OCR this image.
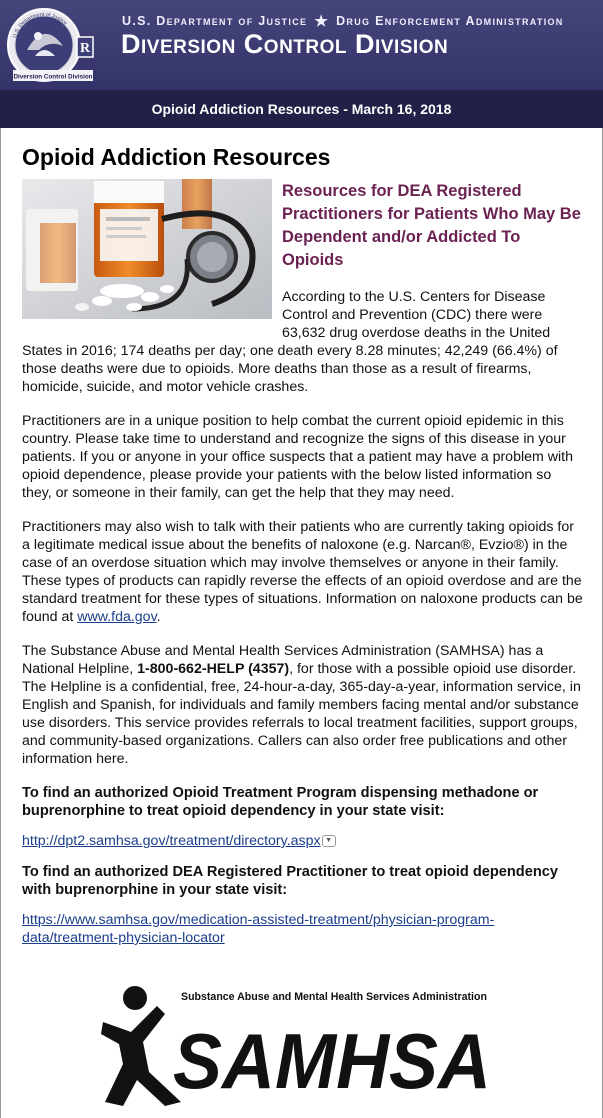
R
Diversion Control Division
U.S. Department of Justice	U.S. Department of Justice ★ Drug Enforcement Administration
Diversion Control Division
Opioid Addiction Resources - March 16, 2018
Opioid Addiction Resources
Resources for DEA Registered Practitioners for Patients Who May Be Dependent and/or Addicted To Opioids

According to the U.S. Centers for Disease Control and Prevention (CDC) there were 63,632 drug overdose deaths in the United States in 2016; 174 deaths per day; one death every 8.28 minutes; 42,249 (66.4%) of those deaths were due to opioids. More deaths than those as a result of firearms, homicide, suicide, and motor vehicle crashes.

Practitioners are in a unique position to help combat the current opioid epidemic in this country. Please take time to understand and recognize the signs of this disease in your patients. If you or anyone in your office suspects that a patient may have a problem with opioid dependence, please provide your patients with the below listed information so they, or someone in their family, can get the help that they may need.

Practitioners may also wish to talk with their patients who are currently taking opioids for a legitimate medical issue about the benefits of naloxone (e.g. Narcan®, Evzio®) in the case of an overdose situation which may involve themselves or anyone in their family. These types of products can rapidly reverse the effects of an opioid overdose and are the standard treatment for these types of situations. Information on naloxone products can be found at www.fda.gov.

The Substance Abuse and Mental Health Services Administration (SAMHSA) has a National Helpline, 1-800-662-HELP (4357), for those with a possible opioid use disorder. The Helpline is a confidential, free, 24-hour-a-day, 365-day-a-year, information service, in English and Spanish, for individuals and family members facing mental and/or substance use disorders. This service provides referrals to local treatment facilities, support groups, and community-based organizations. Callers can also order free publications and other information here.

To find an authorized Opioid Treatment Program dispensing methadone or buprenorphine to treat opioid dependency in your state visit:

http://dpt2.samhsa.gov/treatment/directory.aspx ▼

To find an authorized DEA Registered Practitioner to treat opioid dependency with buprenorphine in your state visit:

https://www.samhsa.gov/medication-assisted-treatment/physician-program-data/treatment-physician-locator
Substance Abuse and Mental Health Services Administration
SAMHSA
